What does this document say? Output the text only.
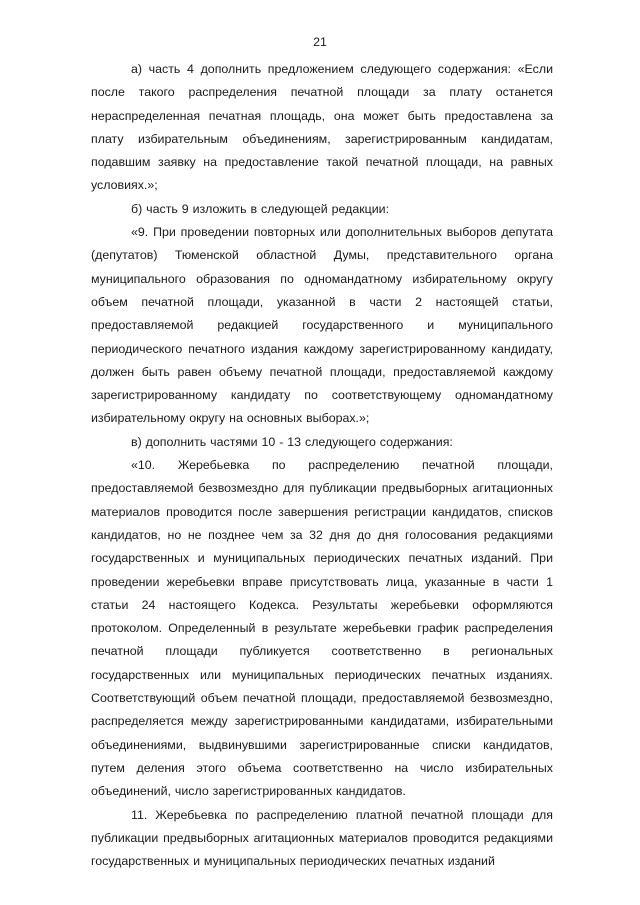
21

а) часть 4 дополнить предложением следующего содержания: «Если после такого распределения печатной площади за плату останется нераспределенная печатная площадь, она может быть предоставлена за плату избирательным объединениям, зарегистрированным кандидатам, подавшим заявку на предоставление такой печатной площади, на равных условиях.»;

б) часть 9 изложить в следующей редакции:

«9. При проведении повторных или дополнительных выборов депутата (депутатов) Тюменской областной Думы, представительного органа муниципального образования по одномандатному избирательному округу объем печатной площади, указанной в части 2 настоящей статьи, предоставляемой редакцией государственного и муниципального периодического печатного издания каждому зарегистрированному кандидату, должен быть равен объему печатной площади, предоставляемой каждому зарегистрированному кандидату по соответствующему одномандатному избирательному округу на основных выборах.»;

в) дополнить частями 10 - 13 следующего содержания:

«10. Жеребьевка по распределению печатной площади, предоставляемой безвозмездно для публикации предвыборных агитационных материалов проводится после завершения регистрации кандидатов, списков кандидатов, но не позднее чем за 32 дня до дня голосования редакциями государственных и муниципальных периодических печатных изданий. При проведении жеребьевки вправе присутствовать лица, указанные в части 1 статьи 24 настоящего Кодекса. Результаты жеребьевки оформляются протоколом. Определенный в результате жеребьевки график распределения печатной площади публикуется соответственно в региональных государственных или муниципальных периодических печатных изданиях. Соответствующий объем печатной площади, предоставляемой безвозмездно, распределяется между зарегистрированными кандидатами, избирательными объединениями, выдвинувшими зарегистрированные списки кандидатов, путем деления этого объема соответственно на число избирательных объединений, число зарегистрированных кандидатов.

11. Жеребьевка по распределению платной печатной площади для публикации предвыборных агитационных материалов проводится редакциями государственных и муниципальных периодических печатных изданий
